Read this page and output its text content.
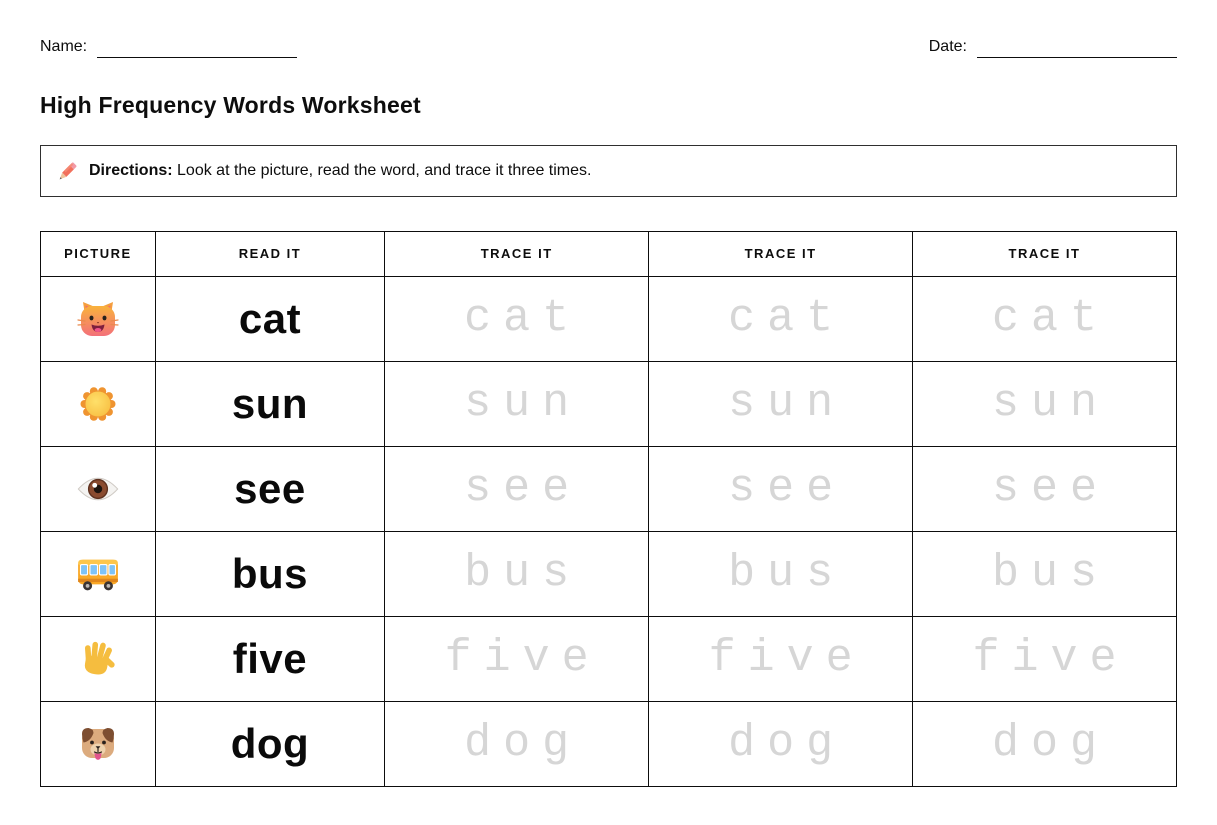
Name:	Date:
High Frequency Words Worksheet

Directions: Look at the picture, read the word, and trace it three times.

PICTURE	READ IT	TRACE IT	TRACE IT	TRACE IT

	cat	cat	cat	cat

	sun	sun	sun	sun

	see	see	see	see

	bus	bus	bus	bus

	five	five	five	five

	dog	dog	dog	dog
